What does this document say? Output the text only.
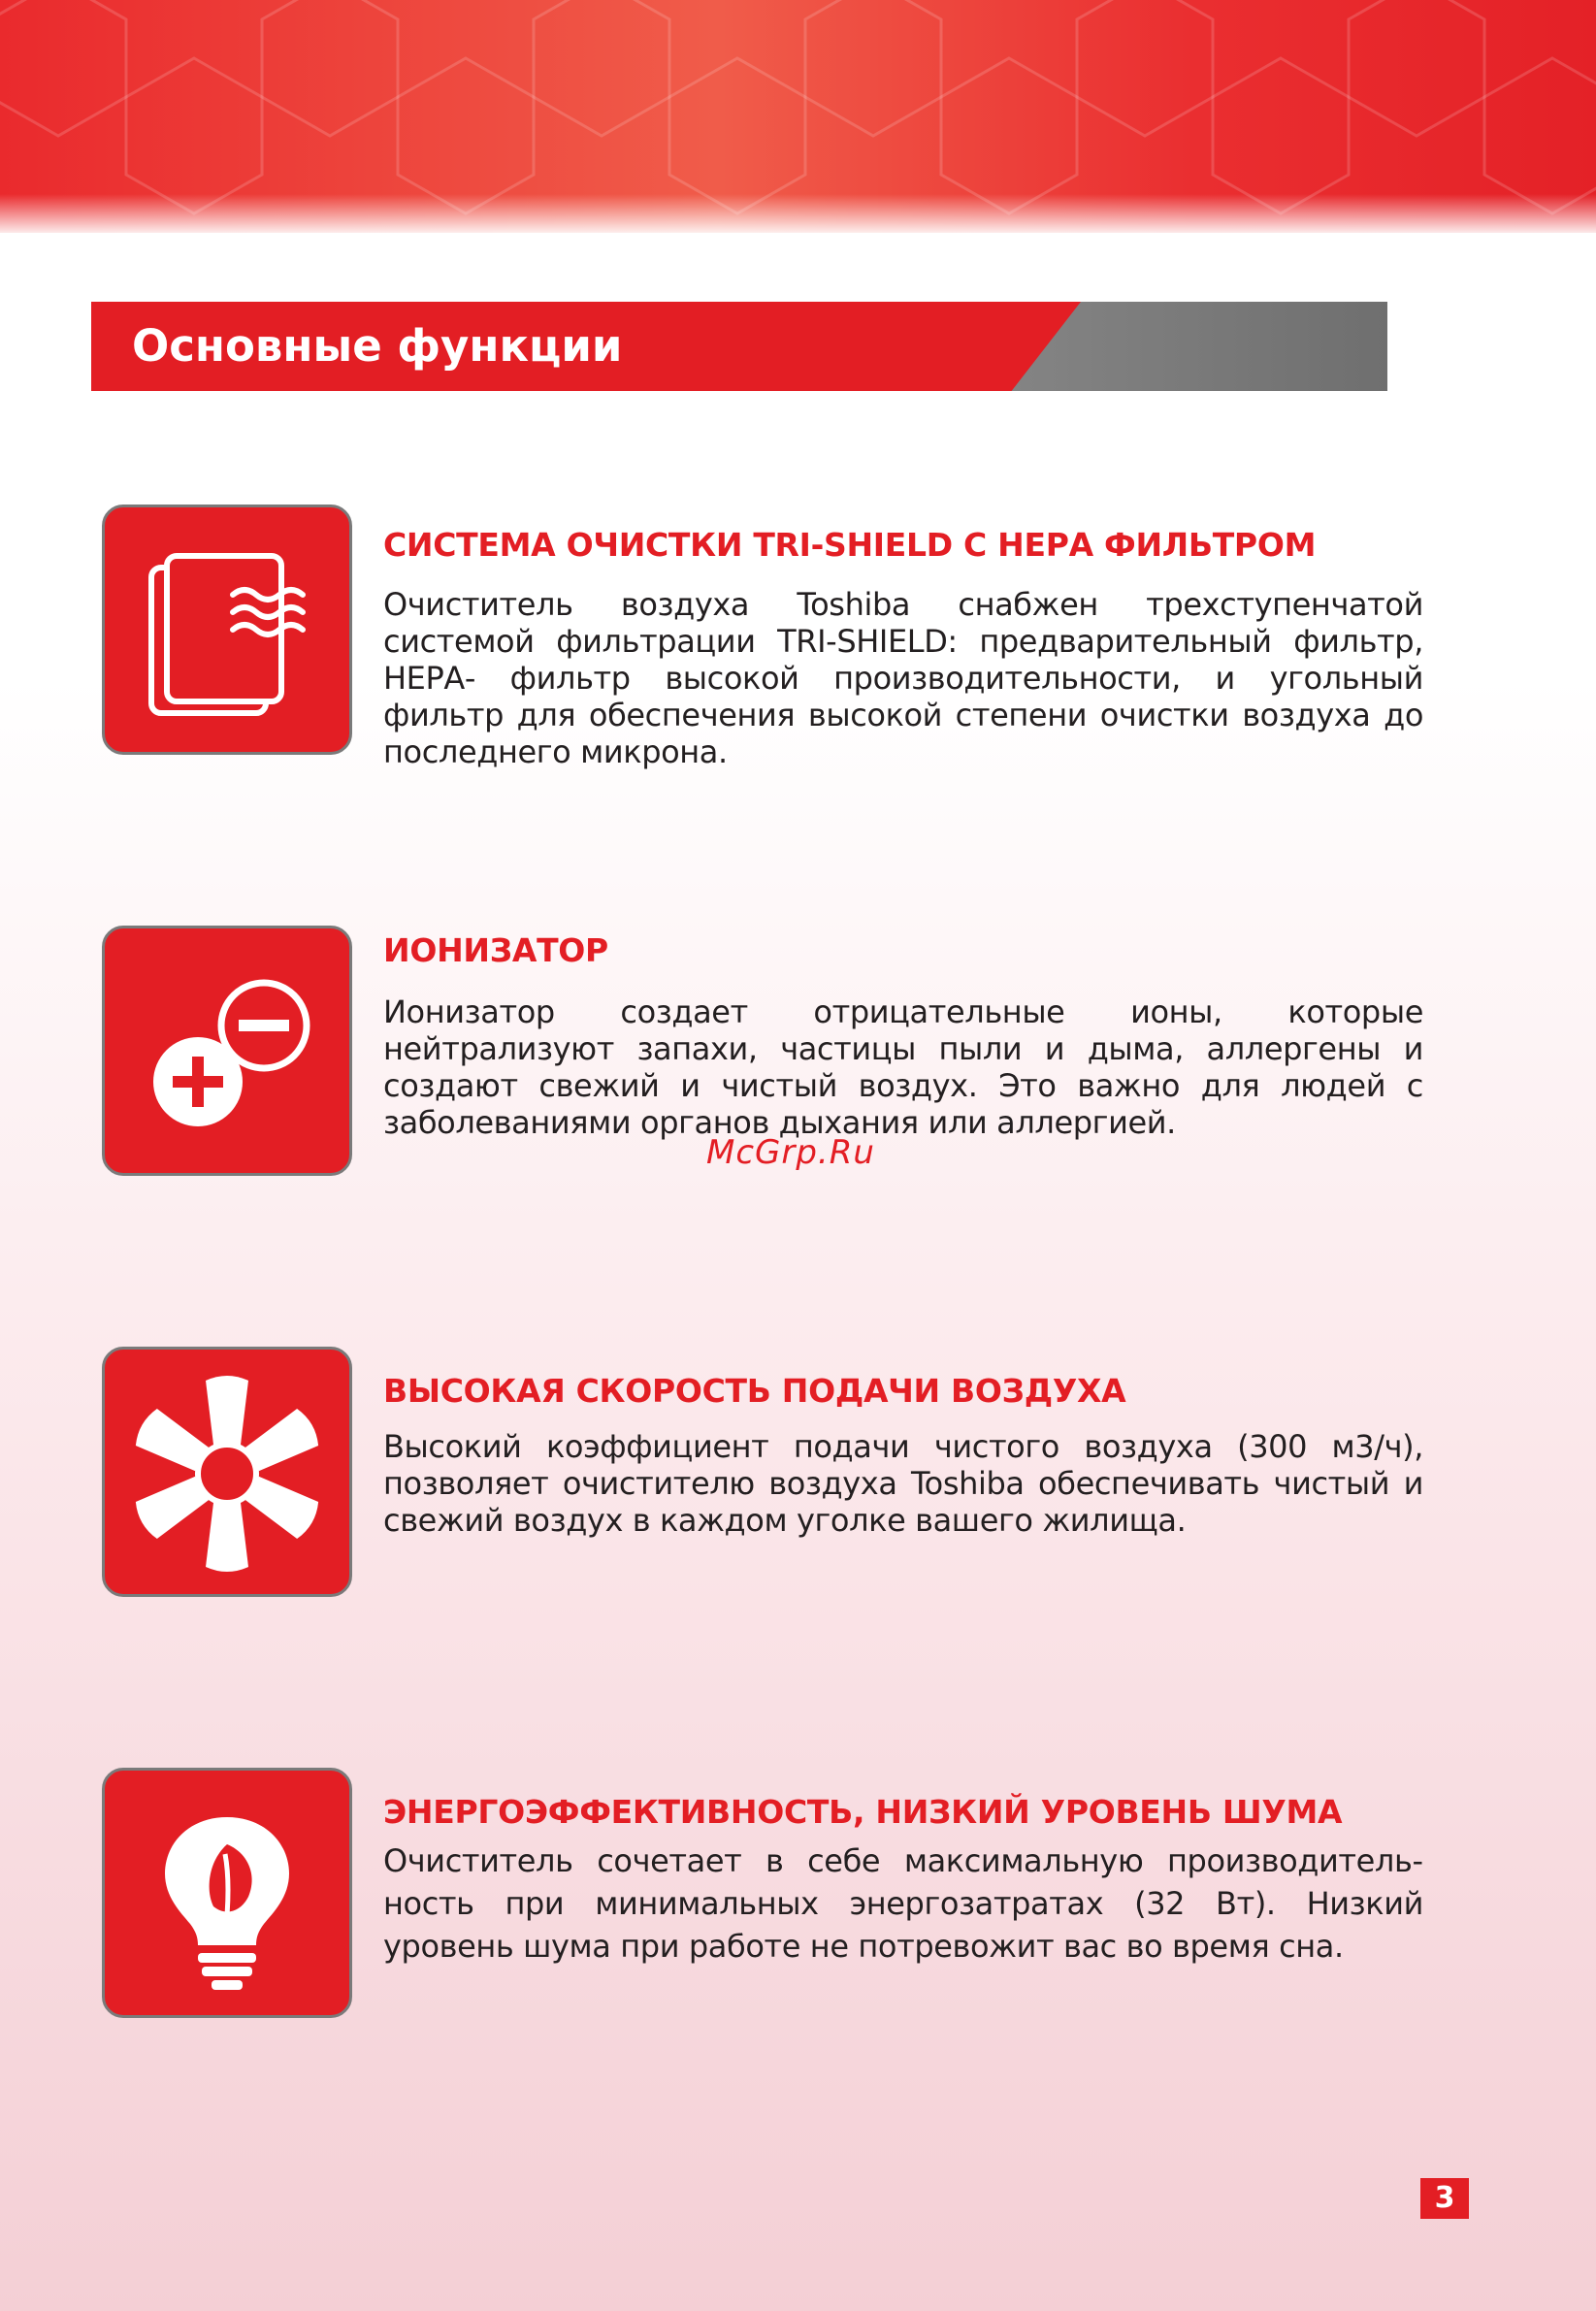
Основные функции
СИСТЕМА ОЧИСТКИ TRI-SHIELD С НЕРА ФИЛЬТРОМ

Очиститель воздуха Toshiba снабжен трехступенчатой системой фильтрации TRI-SHIELD: предварительный фильтр, НЕРА- фильтр высокой производительности, и угольный фильтр для обеспечения высокой степени очистки воздуха до последнего микрона.

ИОНИЗАТОР

Ионизатор создает отрицательные ионы, которые нейтрализуют запахи, частицы пыли и дыма, аллергены и создают свежий и чистый воздух. Это важно для людей с заболеваниями органов дыхания или аллергией.

ВЫСОКАЯ СКОРОСТЬ ПОДАЧИ ВОЗДУХА

Высокий коэффициент подачи чистого воздуха (300 м3/ч), позволяет очистителю воздуха Toshiba обеспечивать чистый и свежий воздух в каждом уголке вашего жилища.

ЭНЕРГОЭФФЕКТИВНОСТЬ, НИЗКИЙ УРОВЕНЬ ШУМА

Очиститель сочетает в себе максимальную производительность при минимальных энергозатратах (32 Вт). Низкий уровень шума при работе не потревожит вас во время сна.

McGrp.Ru

3
